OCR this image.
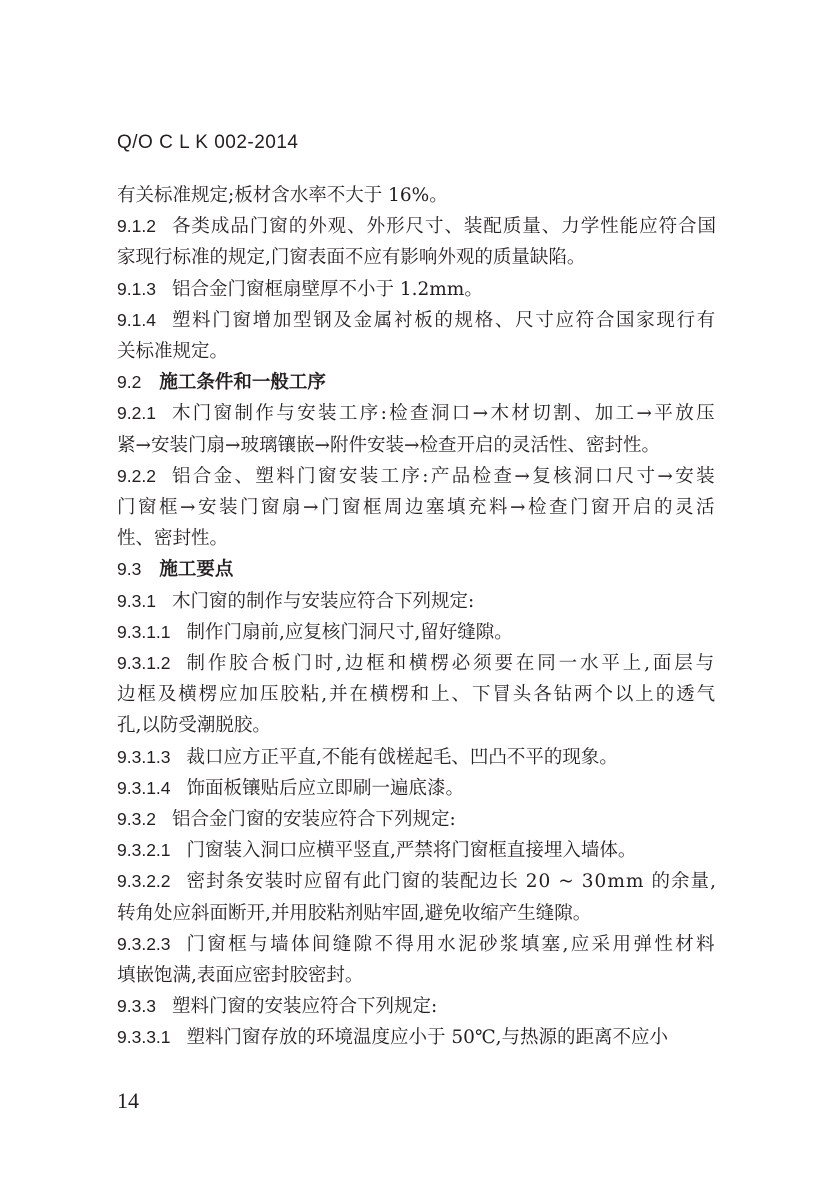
Q/O C L K 002-2014
有关标准规定;板材含水率不大于 16%。
9.1.2 各类成品门窗的外观、外形尺寸、装配质量、力学性能应符合国
家现行标准的规定,门窗表面不应有影响外观的质量缺陷。
9.1.3 铝合金门窗框扇壁厚不小于 1.2mm。
9.1.4 塑料门窗增加型钢及金属衬板的规格、尺寸应符合国家现行有
关标准规定。
9.2 施工条件和一般工序
9.2.1 木门窗制作与安装工序:检查洞口→木材切割、加工→平放压
紧→安装门扇→玻璃镶嵌→附件安装→检查开启的灵活性、密封性。
9.2.2 铝合金、塑料门窗安装工序:产品检查→复核洞口尺寸→安装
门窗框→安装门窗扇→门窗框周边塞填充料→检查门窗开启的灵活
性、密封性。
9.3 施工要点
9.3.1 木门窗的制作与安装应符合下列规定:
9.3.1.1 制作门扇前,应复核门洞尺寸,留好缝隙。
9.3.1.2 制作胶合板门时,边框和横楞必须要在同一水平上,面层与
边框及横楞应加压胶粘,并在横楞和上、下冒头各钻两个以上的透气
孔,以防受潮脱胶。
9.3.1.3 裁口应方正平直,不能有戗槎起毛、凹凸不平的现象。
9.3.1.4 饰面板镶贴后应立即刷一遍底漆。
9.3.2 铝合金门窗的安装应符合下列规定:
9.3.2.1 门窗装入洞口应横平竖直,严禁将门窗框直接埋入墙体。
9.3.2.2 密封条安装时应留有此门窗的装配边长 20 ~ 30mm 的余量,
转角处应斜面断开,并用胶粘剂贴牢固,避免收缩产生缝隙。
9.3.2.3 门窗框与墙体间缝隙不得用水泥砂浆填塞,应采用弹性材料
填嵌饱满,表面应密封胶密封。
9.3.3 塑料门窗的安装应符合下列规定:
9.3.3.1 塑料门窗存放的环境温度应小于 50℃,与热源的距离不应小
14
